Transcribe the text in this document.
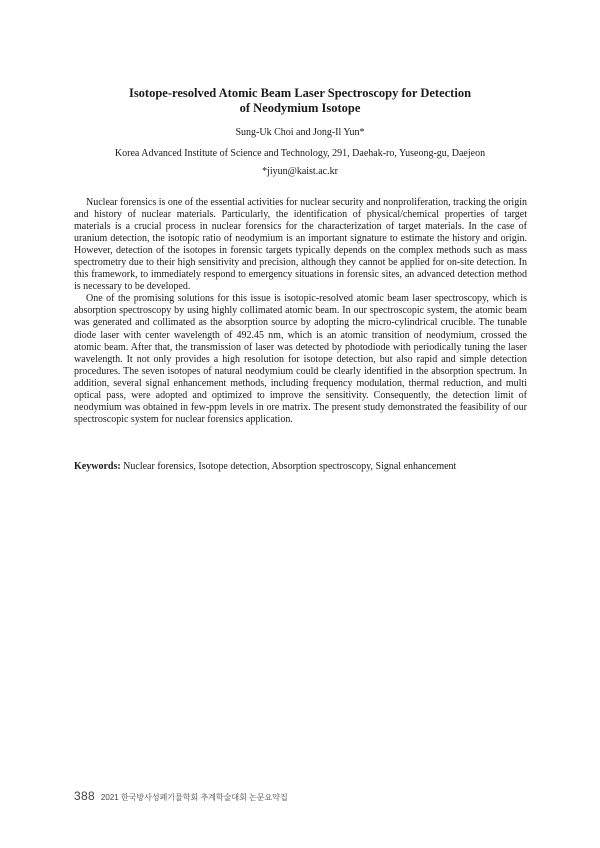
Isotope-resolved Atomic Beam Laser Spectroscopy for Detection
of Neodymium Isotope
Sung-Uk Choi and Jong-Il Yun*
Korea Advanced Institute of Science and Technology, 291, Daehak-ro, Yuseong-gu, Daejeon
*jiyun@kaist.ac.kr

Nuclear forensics is one of the essential activities for nuclear security and nonproliferation, tracking the origin and history of nuclear materials. Particularly, the identification of physical/chemical properties of target materials is a crucial process in nuclear forensics for the characterization of target materials. In the case of uranium detection, the isotopic ratio of neodymium is an important signature to estimate the history and origin. However, detection of the isotopes in forensic targets typically depends on the complex methods such as mass spectrometry due to their high sensitivity and precision, although they cannot be applied for on-site detection. In this framework, to immediately respond to emergency situations in forensic sites, an advanced detection method is necessary to be developed.

One of the promising solutions for this issue is isotopic-resolved atomic beam laser spectroscopy, which is absorption spectroscopy by using highly collimated atomic beam. In our spectroscopic system, the atomic beam was generated and collimated as the absorption source by adopting the micro-cylindrical crucible. The tunable diode laser with center wavelength of 492.45 nm, which is an atomic transition of neodymium, crossed the atomic beam. After that, the transmission of laser was detected by photodiode with periodically tuning the laser wavelength. It not only provides a high resolution for isotope detection, but also rapid and simple detection procedures. The seven isotopes of natural neodymium could be clearly identified in the absorption spectrum. In addition, several signal enhancement methods, including frequency modulation, thermal reduction, and multi optical pass, were adopted and optimized to improve the sensitivity. Consequently, the detection limit of neodymium was obtained in few-ppm levels in ore matrix. The present study demonstrated the feasibility of our spectroscopic system for nuclear forensics application.

Keywords: Nuclear forensics, Isotope detection, Absorption spectroscopy, Signal enhancement
388 2021 한국방사성폐기물학회 추계학술대회 논문요약집
